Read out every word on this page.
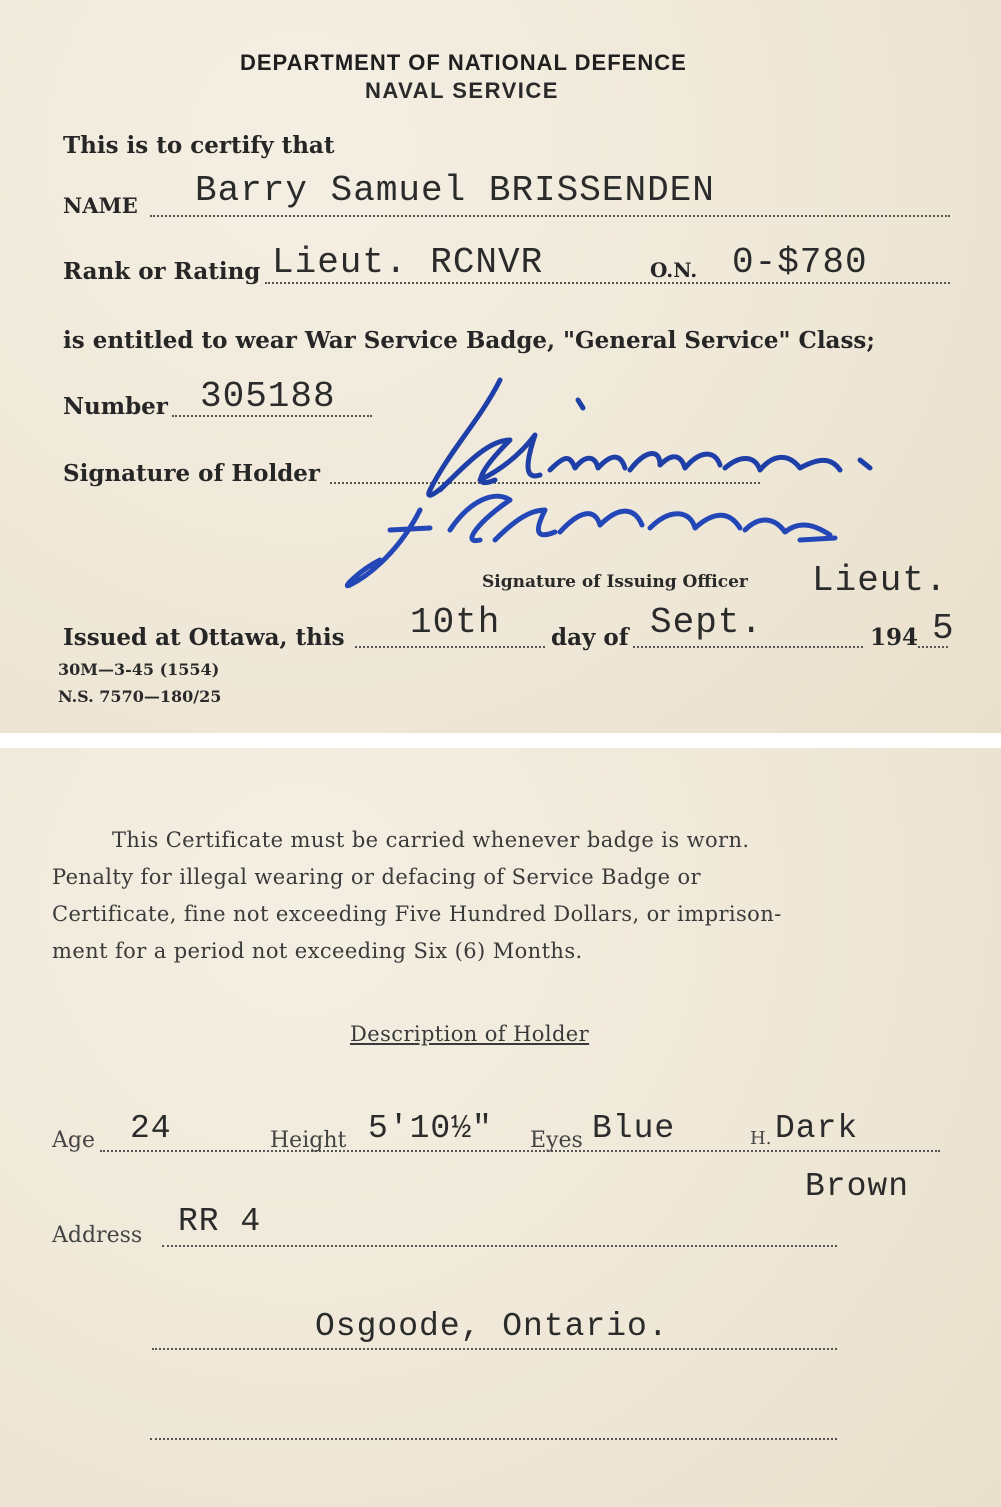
DEPARTMENT OF NATIONAL DEFENCE
NAVAL SERVICE
This is to certify that
NAME Barry Samuel BRISSENDEN
Rank or Rating Lieut. RCNVR	O.N. 0-$780
is entitled to wear War Service Badge, "General Service" Class;
Number 305188
Signature of Holder
Signature of Issuing Officer Lieut.
Issued at Ottawa, this 10th day of Sept.	194 5
30M—3-45 (1554)
N.S. 7570—180/25
This Certificate must be carried whenever badge is worn.
Penalty for illegal wearing or defacing of Service Badge or
Certificate, fine not exceeding Five Hundred Dollars, or imprison-
ment for a period not exceeding Six (6) Months.
Description of Holder
Age 24	Height 5'10½" Eyes Blue	H. Dark
Brown
Address RR 4
Osgoode, Ontario.
